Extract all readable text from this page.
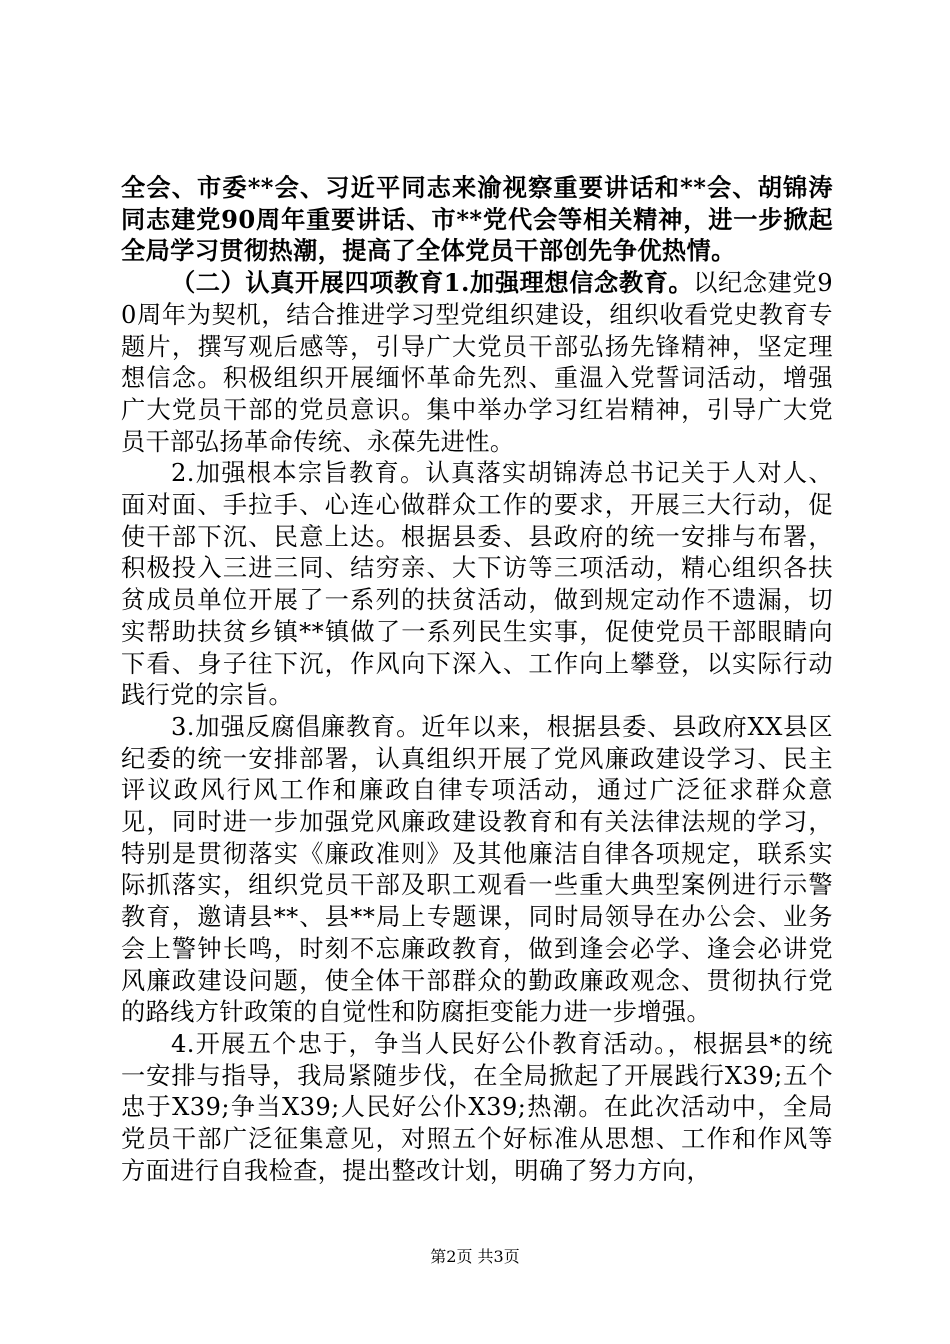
全会、市委**会、习近平同志来渝视察重要讲话和**会、胡锦涛同志建党90周年重要讲话、市**党代会等相关精神，进一步掀起全局学习贯彻热潮，提高了全体党员干部创先争优热情。

（二）认真开展四项教育1.加强理想信念教育。以纪念建党90周年为契机，结合推进学习型党组织建设，组织收看党史教育专题片，撰写观后感等，引导广大党员干部弘扬先锋精神，坚定理想信念。积极组织开展缅怀革命先烈、重温入党誓词活动，增强广大党员干部的党员意识。集中举办学习红岩精神，引导广大党员干部弘扬革命传统、永葆先进性。

2.加强根本宗旨教育。认真落实胡锦涛总书记关于人对人、面对面、手拉手、心连心做群众工作的要求，开展三大行动，促使干部下沉、民意上达。根据县委、县政府的统一安排与布署，积极投入三进三同、结穷亲、大下访等三项活动，精心组织各扶贫成员单位开展了一系列的扶贫活动，做到规定动作不遗漏，切实帮助扶贫乡镇**镇做了一系列民生实事，促使党员干部眼睛向下看、身子往下沉，作风向下深入、工作向上攀登，以实际行动践行党的宗旨。

3.加强反腐倡廉教育。近年以来，根据县委、县政府XX县区纪委的统一安排部署，认真组织开展了党风廉政建设学习、民主评议政风行风工作和廉政自律专项活动，通过广泛征求群众意见，同时进一步加强党风廉政建设教育和有关法律法规的学习，特别是贯彻落实《廉政准则》及其他廉洁自律各项规定，联系实际抓落实，组织党员干部及职工观看一些重大典型案例进行示警教育，邀请县**、县**局上专题课，同时局领导在办公会、业务会上警钟长鸣，时刻不忘廉政教育，做到逢会必学、逢会必讲党风廉政建设问题，使全体干部群众的勤政廉政观念、贯彻执行党的路线方针政策的自觉性和防腐拒变能力进一步增强。

4.开展五个忠于，争当人民好公仆教育活动。，根据县*的统一安排与指导，我局紧随步伐，在全局掀起了开展践行X39;五个忠于X39;争当X39;人民好公仆X39;热潮。在此次活动中，全局党员干部广泛征集意见，对照五个好标准从思想、工作和作风等方面进行自我检查，提出整改计划，明确了努力方向，

第2页 共3页
